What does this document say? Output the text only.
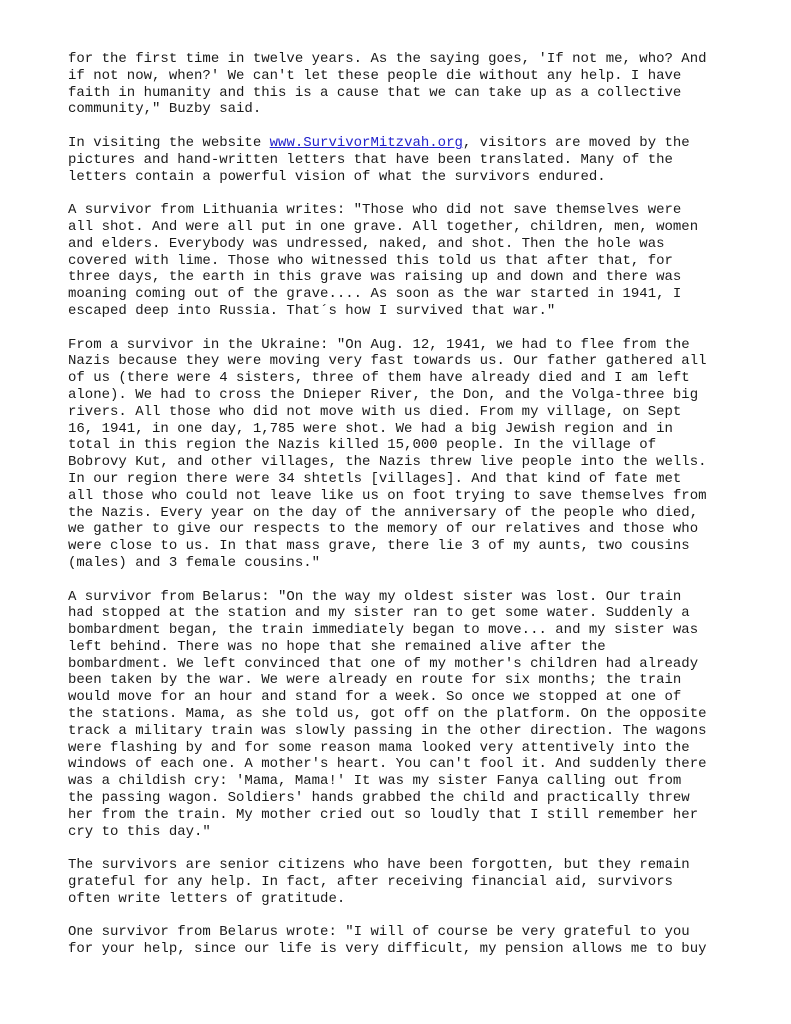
for the first time in twelve years. As the saying goes, 'If not me, who? And
if not now, when?' We can't let these people die without any help. I have
faith in humanity and this is a cause that we can take up as a collective
community," Buzby said.
In visiting the website www.SurvivorMitzvah.org, visitors are moved by the
pictures and hand-written letters that have been translated. Many of the
letters contain a powerful vision of what the survivors endured.
A survivor from Lithuania writes: "Those who did not save themselves were
all shot. And were all put in one grave. All together, children, men, women
and elders. Everybody was undressed, naked, and shot. Then the hole was
covered with lime. Those who witnessed this told us that after that, for
three days, the earth in this grave was raising up and down and there was
moaning coming out of the grave.... As soon as the war started in 1941, I
escaped deep into Russia. That´s how I survived that war."
From a survivor in the Ukraine: "On Aug. 12, 1941, we had to flee from the
Nazis because they were moving very fast towards us. Our father gathered all
of us (there were 4 sisters, three of them have already died and I am left
alone). We had to cross the Dnieper River, the Don, and the Volga-three big
rivers. All those who did not move with us died. From my village, on Sept
16, 1941, in one day, 1,785 were shot. We had a big Jewish region and in
total in this region the Nazis killed 15,000 people. In the village of
Bobrovy Kut, and other villages, the Nazis threw live people into the wells.
In our region there were 34 shtetls [villages]. And that kind of fate met
all those who could not leave like us on foot trying to save themselves from
the Nazis. Every year on the day of the anniversary of the people who died,
we gather to give our respects to the memory of our relatives and those who
were close to us. In that mass grave, there lie 3 of my aunts, two cousins
(males) and 3 female cousins."
A survivor from Belarus: "On the way my oldest sister was lost. Our train
had stopped at the station and my sister ran to get some water. Suddenly a
bombardment began, the train immediately began to move... and my sister was
left behind. There was no hope that she remained alive after the
bombardment. We left convinced that one of my mother's children had already
been taken by the war. We were already en route for six months; the train
would move for an hour and stand for a week. So once we stopped at one of
the stations. Mama, as she told us, got off on the platform. On the opposite
track a military train was slowly passing in the other direction. The wagons
were flashing by and for some reason mama looked very attentively into the
windows of each one. A mother's heart. You can't fool it. And suddenly there
was a childish cry: 'Mama, Mama!' It was my sister Fanya calling out from
the passing wagon. Soldiers' hands grabbed the child and practically threw
her from the train. My mother cried out so loudly that I still remember her
cry to this day."
The survivors are senior citizens who have been forgotten, but they remain
grateful for any help. In fact, after receiving financial aid, survivors
often write letters of gratitude.
One survivor from Belarus wrote: "I will of course be very grateful to you
for your help, since our life is very difficult, my pension allows me to buy
